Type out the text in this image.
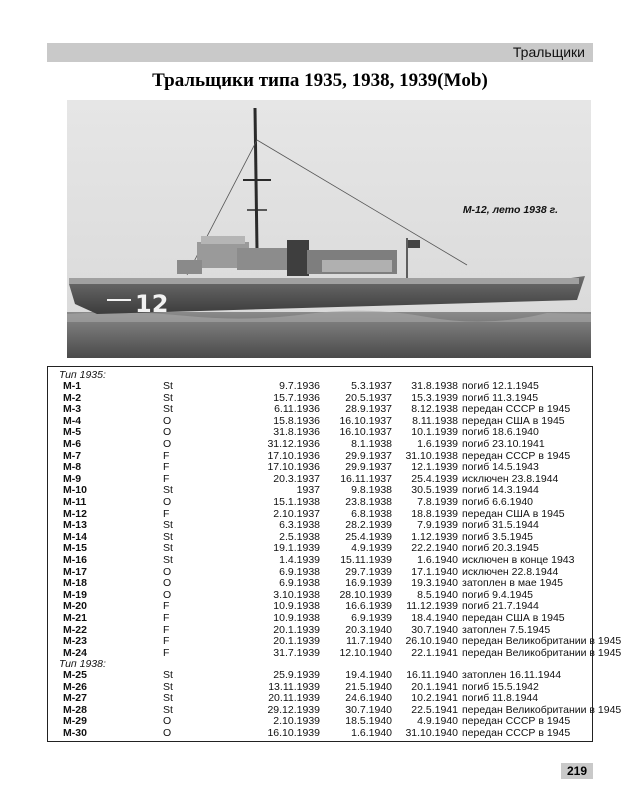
Тральщики
Тральщики типа 1935, 1938, 1939(Mob)
12
М-12, лето 1938 г.
Тип 1935:
М-1	St	9.7.1936	5.3.1937 31.8.1938 погиб 12.1.1945
М-2	St	15.7.1936 20.5.1937 15.3.1939 погиб 11.3.1945
М-3	St	6.11.1936 28.9.1937 8.12.1938 передан СССР в 1945
М-4	O	15.8.1936 16.10.1937 8.11.1938 передан США в 1945
М-5	O	31.8.1936 16.10.1937 10.1.1939 погиб 18.6.1940
М-6	O	31.12.1936	8.1.1938 1.6.1939 погиб 23.10.1941
М-7	F	17.10.1936 29.9.1937 31.10.1938 передан СССР в 1945
М-8	F	17.10.1936 29.9.1937 12.1.1939 погиб 14.5.1943
М-9	F	20.3.1937 16.11.1937 25.4.1939 исключен 23.8.1944
М-10	St	1937	9.8.1938 30.5.1939 погиб 14.3.1944
М-11	O	15.1.1938 23.8.1938 7.8.1939 погиб 6.6.1940
М-12	F	2.10.1937	6.8.1938 18.8.1939 передан США в 1945
М-13	St	6.3.1938 28.2.1939 7.9.1939 погиб 31.5.1944
М-14	St	2.5.1938 25.4.1939 1.12.1939 погиб 3.5.1945
М-15	St	19.1.1939	4.9.1939 22.2.1940 погиб 20.3.1945
М-16	St	1.4.1939 15.11.1939 1.6.1940 исключен в конце 1943
М-17	O	6.9.1938 29.7.1939 17.1.1940 исключен 22.8.1944
М-18	O	6.9.1938 16.9.1939 19.3.1940 затоплен в мае 1945
М-19	O	3.10.1938 28.10.1939 8.5.1940 погиб 9.4.1945
М-20	F	10.9.1938 16.6.1939 11.12.1939 погиб 21.7.1944
М-21	F	10.9.1938	6.9.1939 18.4.1940 передан США в 1945
М-22	F	20.1.1939 20.3.1940 30.7.1940 затоплен 7.5.1945
М-23	F	20.1.1939 11.7.1940 26.10.1940 передан Великобритании в 1945
М-24	F	31.7.1939 12.10.1940 22.1.1941 передан Великобритании в 1945
Тип 1938:
М-25	St	25.9.1939 19.4.1940 16.11.1940 затоплен 16.11.1944
М-26	St	13.11.1939 21.5.1940 20.1.1941 погиб 15.5.1942
М-27	St	20.11.1939 24.6.1940 10.2.1941 погиб 11.8.1944
М-28	St	29.12.1939 30.7.1940 22.5.1941 передан Великобритании в 1945
М-29	O	2.10.1939 18.5.1940 4.9.1940 передан СССР в 1945
М-30	O	16.10.1939	1.6.1940 31.10.1940 передан СССР в 1945
219
